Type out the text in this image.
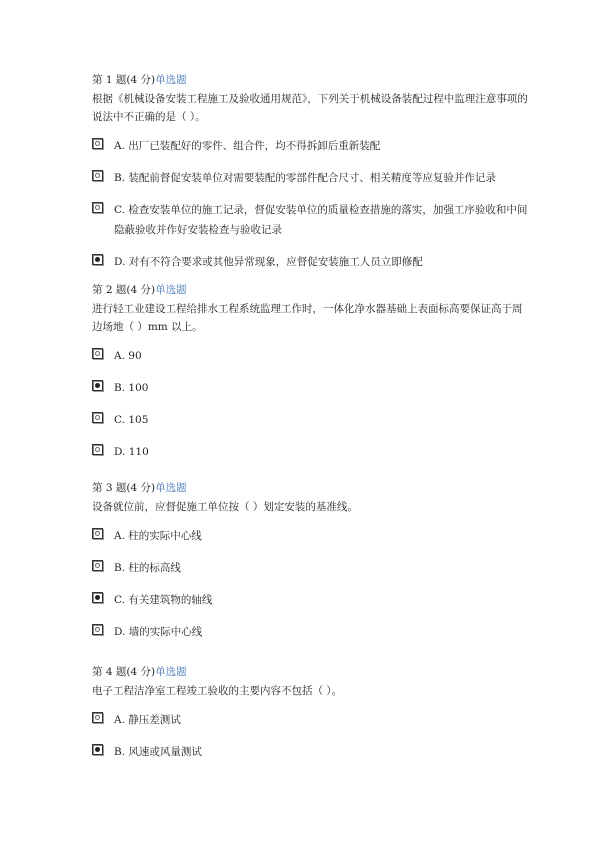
第 1 题(4 分)单选题
根据《机械设备安装工程施工及验收通用规范》，下列关于机械设备装配过程中监理注意事项的说法中不正确的是（ ）。
A. 出厂已装配好的零件、组合件，均不得拆卸后重新装配
B. 装配前督促安装单位对需要装配的零部件配合尺寸、相关精度等应复验并作记录
C. 检查安装单位的施工记录，督促安装单位的质量检查措施的落实，加强工序验收和中间隐蔽验收并作好安装检查与验收记录
D. 对有不符合要求或其他异常现象，应督促安装施工人员立即修配
第 2 题(4 分)单选题
进行轻工业建设工程给排水工程系统监理工作时，一体化净水器基础上表面标高要保证高于周边场地（ ）mm 以上。
A. 90
B. 100
C. 105
D. 110
第 3 题(4 分)单选题
设备就位前，应督促施工单位按（ ）划定安装的基准线。
A. 柱的实际中心线
B. 柱的标高线
C. 有关建筑物的轴线
D. 墙的实际中心线
第 4 题(4 分)单选题
电子工程洁净室工程竣工验收的主要内容不包括（ ）。
A. 静压差测试
B. 风速或风量测试
